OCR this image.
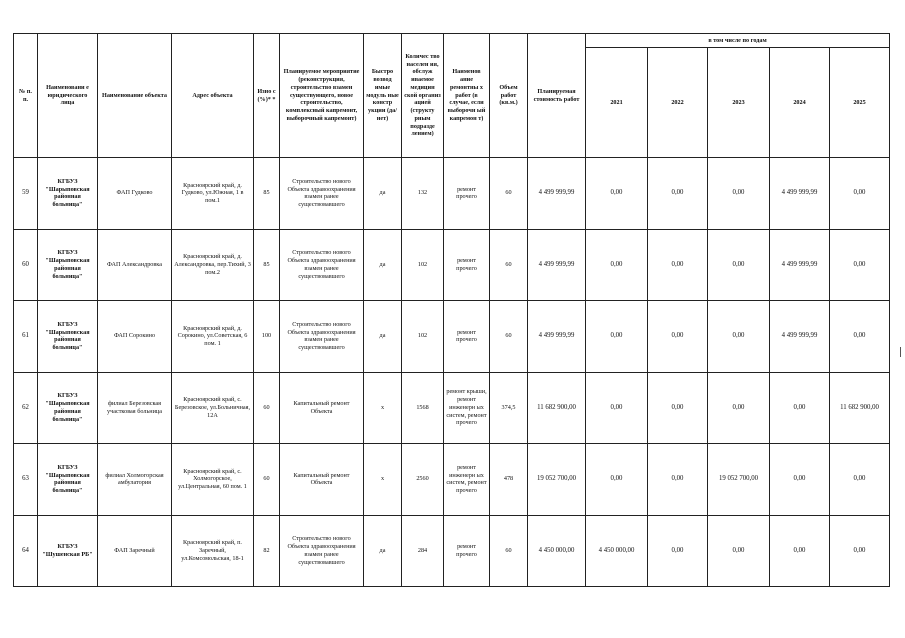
№ п. п.	Наименовани е юридического лица	Наименование объекта	Адрес объекта	Изно с (%)* *	Планируемое мероприятие (реконструкция, строительство взамен существующего, новое строительство, комплексный капремонт, выборочный капремонт)	Быстро возвод имые модуль ные констр укции (да/нет)	Количес тво населен ия, обслуж иваемое медицин ской организ ацией (структу рным подразде лением)	Наименов ание ремонтны х работ (в случае, если выборочн ый капремон т)	Объем работ (кв.м.)	Планируемая стоимость работ	в том числе по годам				
											2021	2022	2023	2024	2025
59	КГБУЗ "Шарыповская районная больница"	ФАП Гудково	Красноярский край, д. Гудково, ул.Южная, 1 в пом.1	85	Строительство нового Объекта здравоохранения взамен ранее существовавшего	да	132	ремонт прочего	60	4 499 999,99	0,00	0,00	0,00	4 499 999,99	0,00
60	КГБУЗ "Шарыповская районная больница"	ФАП Александровка	Красноярский край, д. Александровка, пер.Тихий, 3 пом.2	85	Строительство нового Объекта здравоохранения взамен ранее существовавшего	да	102	ремонт прочего	60	4 499 999,99	0,00	0,00	0,00	4 499 999,99	0,00
61	КГБУЗ "Шарыповская районная больница"	ФАП Сорокино	Красноярский край, д. Сорокино, ул.Советская, 6 пом. 1	100	Строительство нового Объекта здравоохранения взамен ранее существовавшего	да	102	ремонт прочего	60	4 499 999,99	0,00	0,00	0,00	4 499 999,99	0,00
62	КГБУЗ "Шарыповская районная больница"	филиал Березовская участковая больница	Красноярский край, с. Березовское, ул.Больничная, 12А	60	Капитальный ремонт Объекта	х	1568	ремонт крыши, ремонт инженерн ых систем, ремонт прочего	374,5	11 682 900,00	0,00	0,00	0,00	0,00	11 682 900,00
63	КГБУЗ "Шарыповская районная больница"	филиал Холмогорская амбулатория	Красноярский край, с. Холмогорское, ул.Центральная, 60 пом. 1	60	Капитальный ремонт Объекта	х	2560	ремонт инженерн ых систем, ремонт прочего	478	19 052 700,00	0,00	0,00	19 052 700,00	0,00	0,00
64	КГБУЗ "Шушенская РБ"	ФАП Заречный	Красноярский край, п. Заречный, ул.Комсомольская, 18-1	82	Строительство нового Объекта здравоохранения взамен ранее существовавшего	да	284	ремонт прочего	60	4 450 000,00	4 450 000,00	0,00	0,00	0,00	0,00
